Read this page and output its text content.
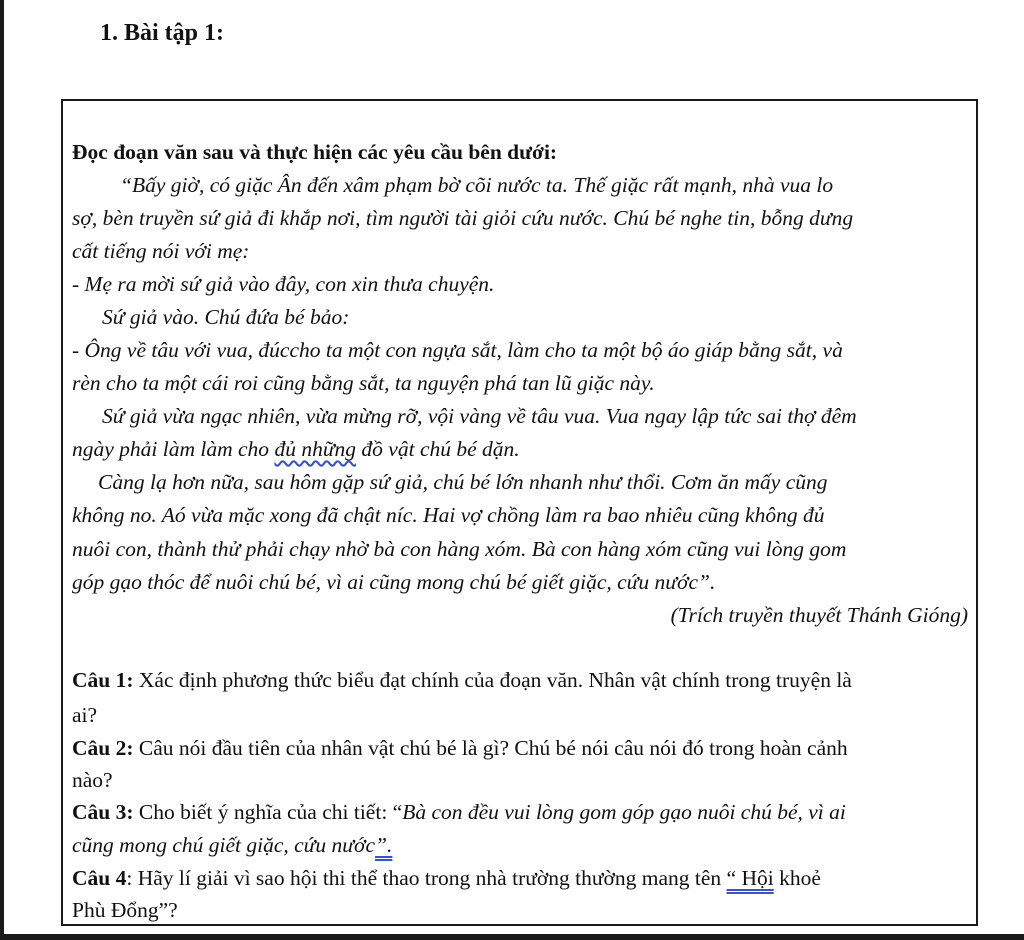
1. Bài tập 1:
Đọc đoạn văn sau và thực hiện các yêu cầu bên dưới:
“Bấy giờ, có giặc Ân đến xâm phạm bờ cõi nước ta. Thế giặc rất mạnh, nhà vua lo
sợ, bèn truyền sứ giả đi khắp nơi, tìm người tài giỏi cứu nước. Chú bé nghe tin, bỗng dưng
cất tiếng nói với mẹ:
- Mẹ ra mời sứ giả vào đây, con xin thưa chuyện.
Sứ giả vào. Chú đứa bé bảo:
- Ông về tâu với vua, đúccho ta một con ngựa sắt, làm cho ta một bộ áo giáp bằng sắt, và
rèn cho ta một cái roi cũng bằng sắt, ta nguyện phá tan lũ giặc này.
Sứ giả vừa ngạc nhiên, vừa mừng rỡ, vội vàng về tâu vua. Vua ngay lập tức sai thợ đêm
ngày phải làm làm cho đủ những đồ vật chú bé dặn.
Càng lạ hơn nữa, sau hôm gặp sứ giả, chú bé lớn nhanh như thổi. Cơm ăn mấy cũng
không no. Aó vừa mặc xong đã chật níc. Hai vợ chồng làm ra bao nhiêu cũng không đủ
nuôi con, thành thử phải chạy nhờ bà con hàng xóm. Bà con hàng xóm cũng vui lòng gom
góp gạo thóc để nuôi chú bé, vì ai cũng mong chú bé giết giặc, cứu nước”.
(Trích truyền thuyết Thánh Gióng)
Câu 1: Xác định phương thức biểu đạt chính của đoạn văn. Nhân vật chính trong truyện là
ai?
Câu 2: Câu nói đầu tiên của nhân vật chú bé là gì? Chú bé nói câu nói đó trong hoàn cảnh
nào?
Câu 3: Cho biết ý nghĩa của chi tiết: “Bà con đều vui lòng gom góp gạo nuôi chú bé, vì ai
cũng mong chú giết giặc, cứu nước”.
Câu 4: Hãy lí giải vì sao hội thi thể thao trong nhà trường thường mang tên “ Hội khoẻ
Phù Đổng”?
